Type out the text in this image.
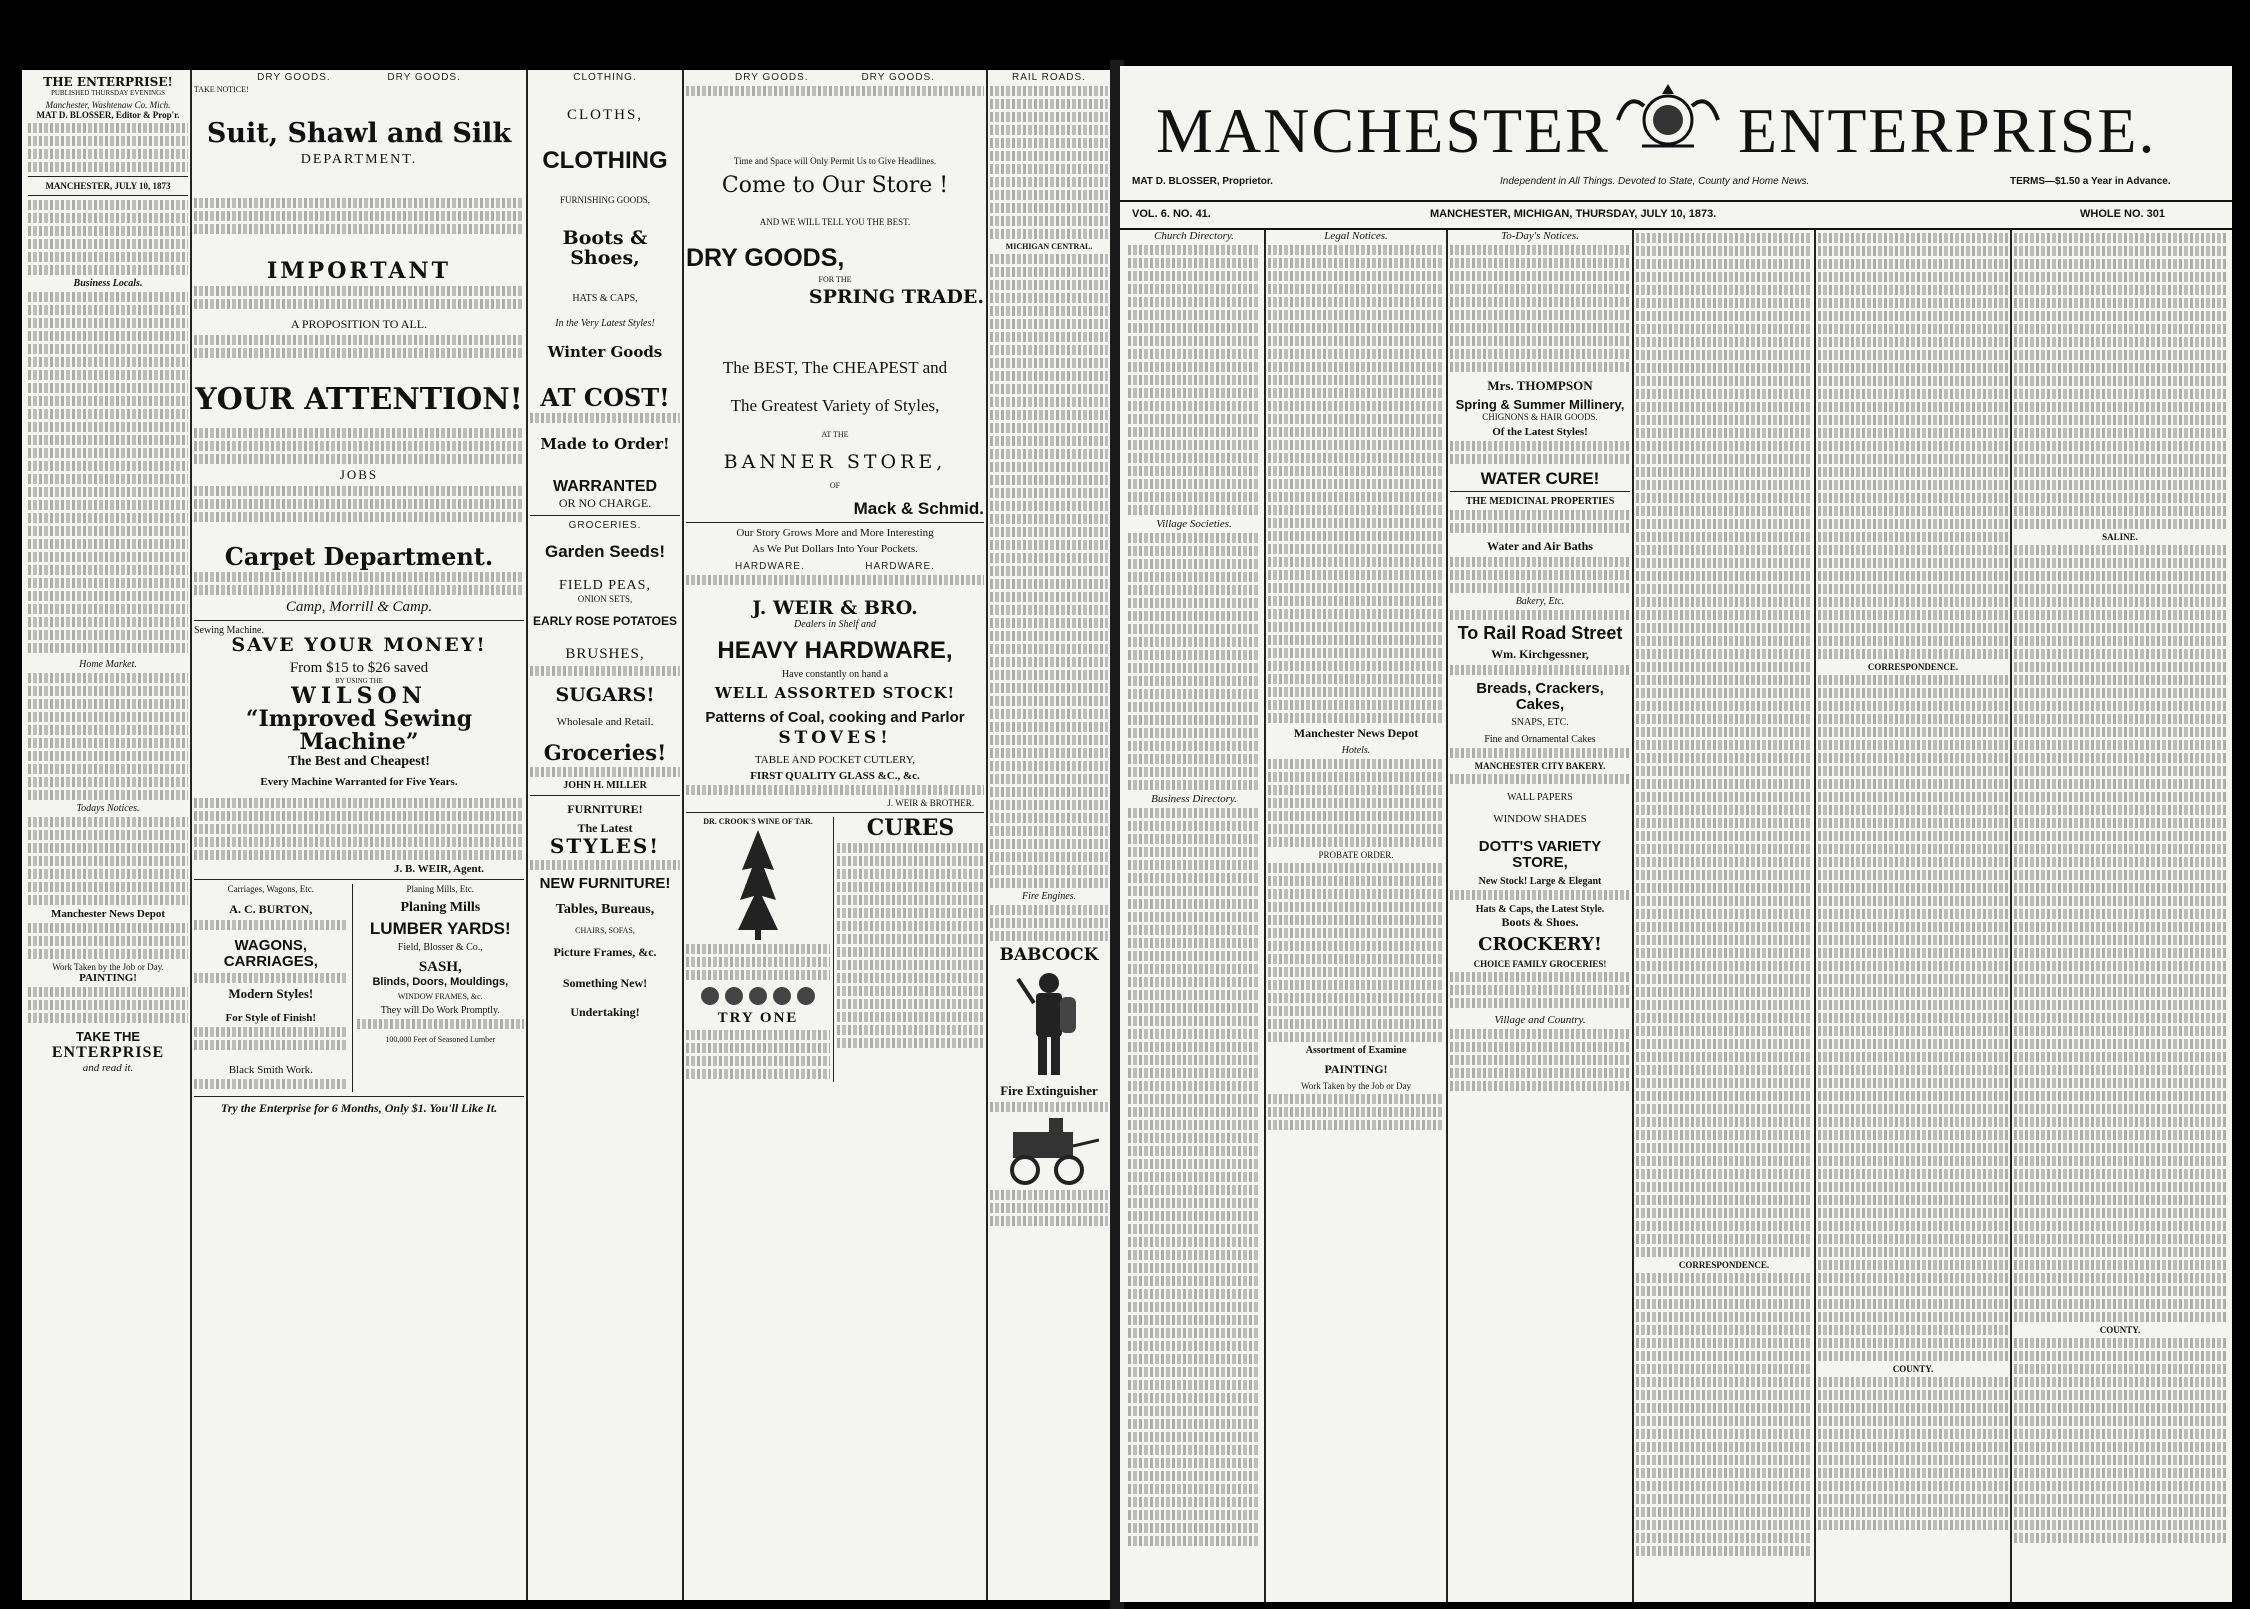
THE ENTERPRISE!
PUBLISHED THURSDAY EVENINGS
Manchester, Washtenaw Co. Mich.
MAT D. BLOSSER, Editor & Prop'r.
MANCHESTER, JULY 10, 1873
Business Locals.
Home Market.
Todays Notices.
Manchester News Depot
Work Taken by the Job or Day.
PAINTING!
TAKE THE
ENTERPRISE
and read it.
DRY GOODS.	DRY GOODS.
TAKE NOTICE!
Suit, Shawl and Silk
DEPARTMENT.
IMPORTANT
A PROPOSITION TO ALL.
YOUR ATTENTION!
JOBS
Carpet Department.
Camp, Morrill & Camp.
Sewing Machine.
SAVE YOUR MONEY!
From $15 to $26 saved
BY USING THE
WILSON
“Improved Sewing Machine”
The Best and Cheapest!
Every Machine Warranted for Five Years.
J. B. WEIR, Agent.
Carriages, Wagons, Etc.
A. C. BURTON,
WAGONS, CARRIAGES,
Modern Styles!
For Style of Finish!
Black Smith Work.
Planing Mills, Etc.
Planing Mills
LUMBER YARDS!
Field, Blosser & Co.,
SASH,
Blinds, Doors, Mouldings,
WINDOW FRAMES, &c.
They will Do Work Promptly.
100,000 Feet of Seasoned Lumber
Try the Enterprise for 6 Months, Only $1. You'll Like It.
CLOTHING.
CLOTHS,
CLOTHING
FURNISHING GOODS,
Boots & Shoes,
HATS & CAPS,
In the Very Latest Styles!
Winter Goods
AT COST!
Made to Order!
WARRANTED
OR NO CHARGE.
GROCERIES.
Garden Seeds!
FIELD PEAS,
ONION SETS,
EARLY ROSE POTATOES
BRUSHES,
SUGARS!
Wholesale and Retail.
Groceries!
JOHN H. MILLER
FURNITURE!
The Latest
STYLES!
NEW FURNITURE!
Tables, Bureaus,
CHAIRS, SOFAS,
Picture Frames, &c.
Something New!
Undertaking!
DRY GOODS.	DRY GOODS.
Time and Space will Only Permit Us to Give Headlines.
Come to Our Store !
AND WE WILL TELL YOU THE BEST.
DRY GOODS,
FOR THE
SPRING TRADE.
The BEST, The CHEAPEST and
The Greatest Variety of Styles,
AT THE
BANNER STORE,
OF
Mack & Schmid.
Our Story Grows More and More Interesting
As We Put Dollars Into Your Pockets.
HARDWARE.	HARDWARE.
J. WEIR & BRO.
Dealers in Shelf and
HEAVY HARDWARE,
Have constantly on hand a
WELL ASSORTED STOCK!
Patterns of Coal, cooking and Parlor
STOVES!
TABLE AND POCKET CUTLERY,
FIRST QUALITY GLASS &C., &c.
J. WEIR & BROTHER.
DR. CROOK'S WINE OF TAR.
TRY ONE
CURES
RAIL ROADS.
MICHIGAN CENTRAL.
Fire Engines.
BABCOCK
Fire Extinguisher
MANCHESTER ENTERPRISE.
MAT D. BLOSSER, Proprietor.	Independent in All Things. Devoted to State, County and Home News.	TERMS—$1.50 a Year in Advance.
VOL. 6. NO. 41.	MANCHESTER, MICHIGAN, THURSDAY, JULY 10, 1873.	WHOLE NO. 301
Church Directory.
Village Societies.
Business Directory.
Legal Notices.
Manchester News Depot
Hotels.
PROBATE ORDER.
Assortment of Examine
PAINTING!
Work Taken by the Job or Day
To-Day's Notices.
Mrs. THOMPSON
Spring & Summer Millinery,
CHIGNONS & HAIR GOODS.
Of the Latest Styles!
WATER CURE!
THE MEDICINAL PROPERTIES
Water and Air Baths
Bakery, Etc.
To Rail Road Street
Wm. Kirchgessner,
Breads, Crackers, Cakes,
SNAPS, ETC.
Fine and Ornamental Cakes
MANCHESTER CITY BAKERY.
WALL PAPERS
WINDOW SHADES
DOTT'S VARIETY STORE,
New Stock! Large & Elegant
Hats & Caps, the Latest Style.
Boots & Shoes.
CROCKERY!
CHOICE FAMILY GROCERIES!
Village and Country.
CORRESPONDENCE.
CORRESPONDENCE.
COUNTY.
SALINE.
COUNTY.
